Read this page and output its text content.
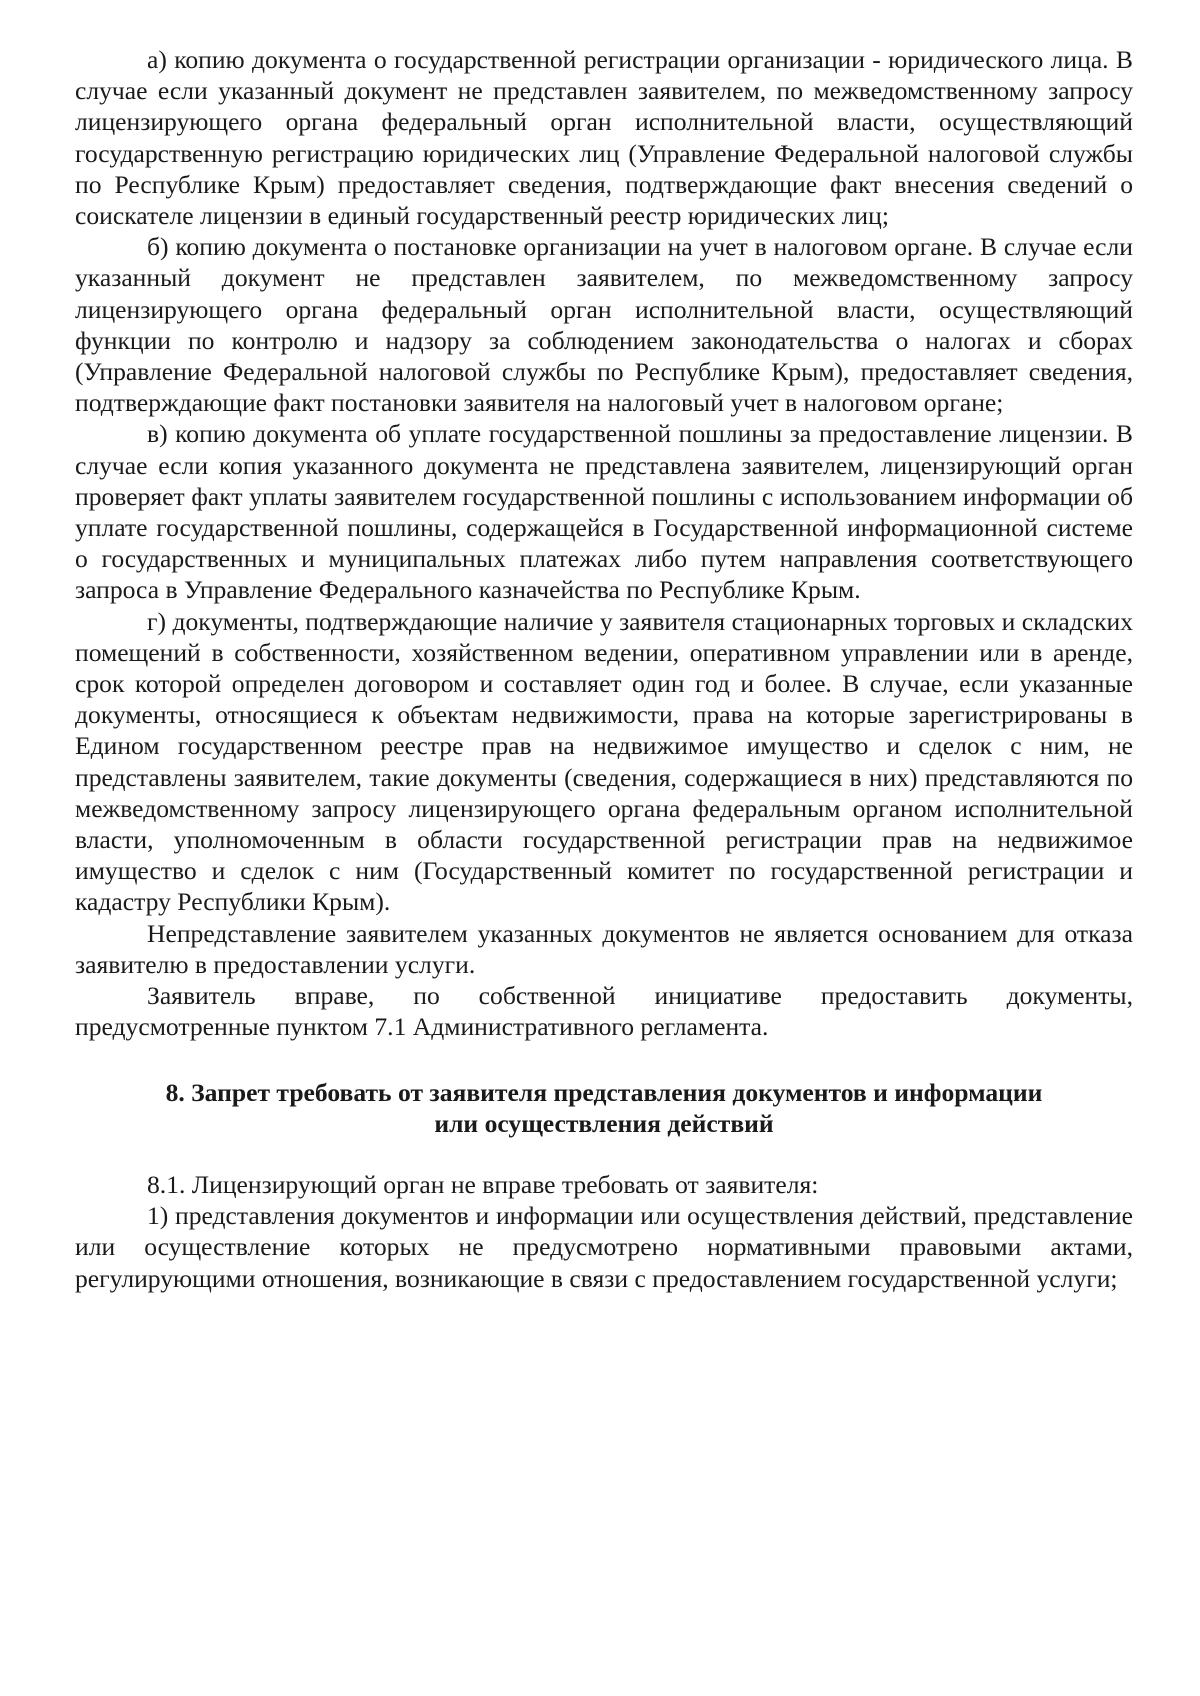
а) копию документа о государственной регистрации организации - юридического лица. В случае если указанный документ не представлен заявителем, по межведомственному запросу лицензирующего органа федеральный орган исполнительной власти, осуществляющий государственную регистрацию юридических лиц (Управление Федеральной налоговой службы по Республике Крым) предоставляет сведения, подтверждающие факт внесения сведений о соискателе лицензии в единый государственный реестр юридических лиц;

б) копию документа о постановке организации на учет в налоговом органе. В случае если указанный документ не представлен заявителем, по межведомственному запросу лицензирующего органа федеральный орган исполнительной власти, осуществляющий функции по контролю и надзору за соблюдением законодательства о налогах и сборах (Управление Федеральной налоговой службы по Республике Крым), предоставляет сведения, подтверждающие факт постановки заявителя на налоговый учет в налоговом органе;

в) копию документа об уплате государственной пошлины за предоставление лицензии. В случае если копия указанного документа не представлена заявителем, лицензирующий орган проверяет факт уплаты заявителем государственной пошлины с использованием информации об уплате государственной пошлины, содержащейся в Государственной информационной системе о государственных и муниципальных платежах либо путем направления соответствующего запроса в Управление Федерального казначейства по Республике Крым.

г) документы, подтверждающие наличие у заявителя стационарных торговых и складских помещений в собственности, хозяйственном ведении, оперативном управлении или в аренде, срок которой определен договором и составляет один год и более. В случае, если указанные документы, относящиеся к объектам недвижимости, права на которые зарегистрированы в Едином государственном реестре прав на недвижимое имущество и сделок с ним, не представлены заявителем, такие документы (сведения, содержащиеся в них) представляются по межведомственному запросу лицензирующего органа федеральным органом исполнительной власти, уполномоченным в области государственной регистрации прав на недвижимое имущество и сделок с ним (Государственный комитет по государственной регистрации и кадастру Республики Крым).

Непредставление заявителем указанных документов не является основанием для отказа заявителю в предоставлении услуги.

Заявитель вправе, по собственной инициативе предоставить документы, предусмотренные пунктом 7.1 Административного регламента.

8. Запрет требовать от заявителя представления документов и информации
или осуществления действий

8.1. Лицензирующий орган не вправе требовать от заявителя:

1) представления документов и информации или осуществления действий, представление или осуществление которых не предусмотрено нормативными правовыми актами, регулирующими отношения, возникающие в связи с предоставлением государственной услуги;
